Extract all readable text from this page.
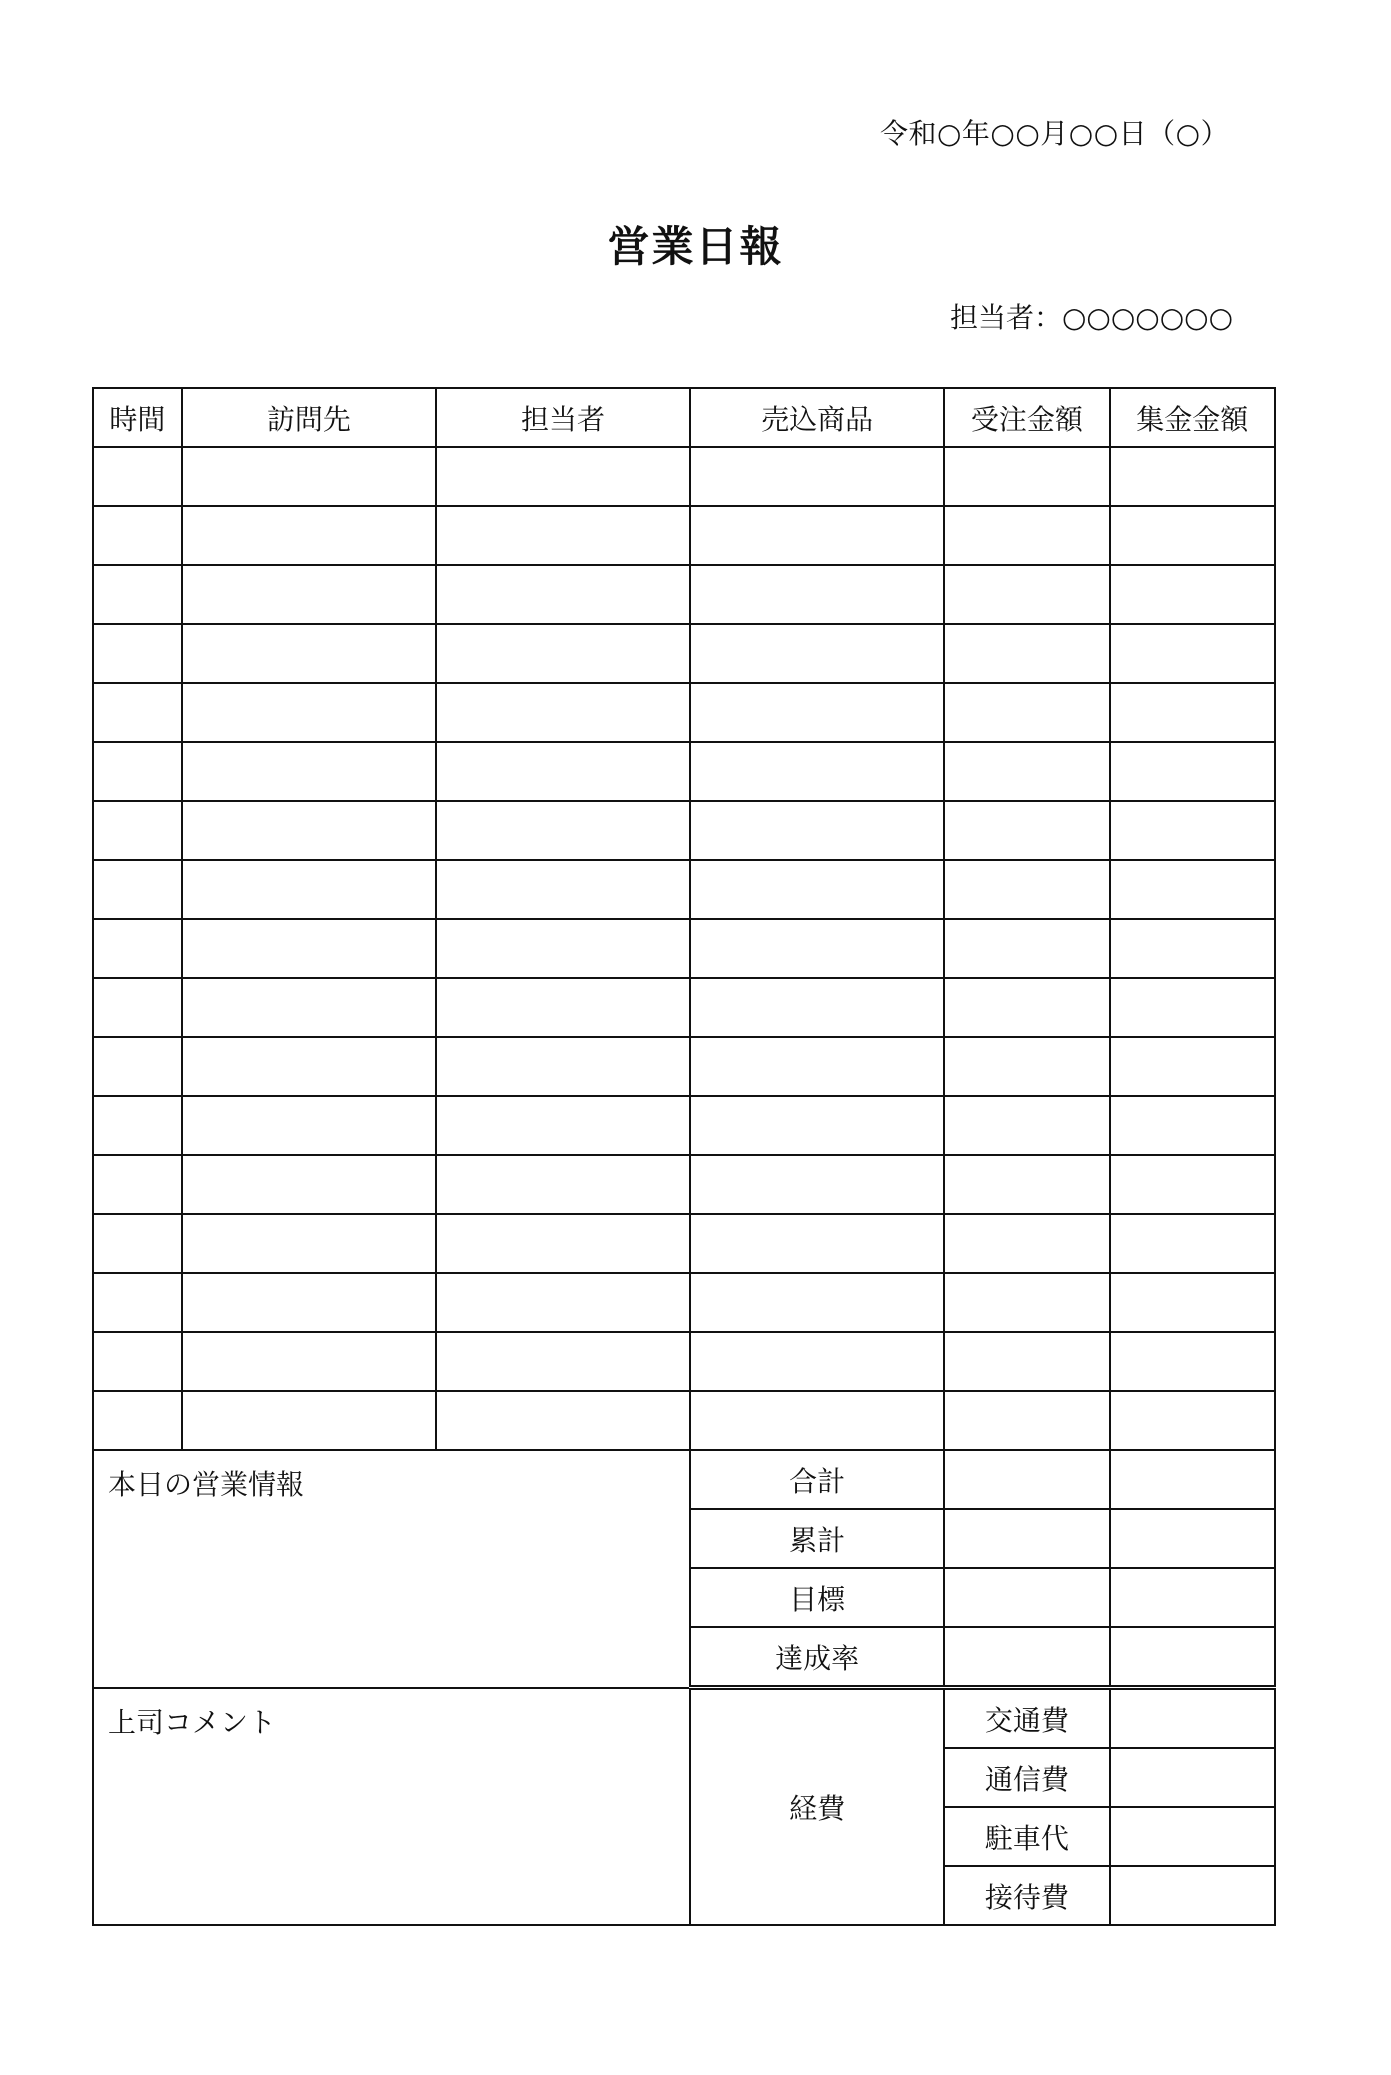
令和○年○○月○○日（○）
営業日報
担当者：○○○○○○○
時間	訪問先	担当者	売込商品	受注金額	集金金額

本日の営業情報			合計		
			累計		
			目標		
			達成率		

上司コメント			経費	交通費	
				通信費	
				駐車代	
				接待費	
